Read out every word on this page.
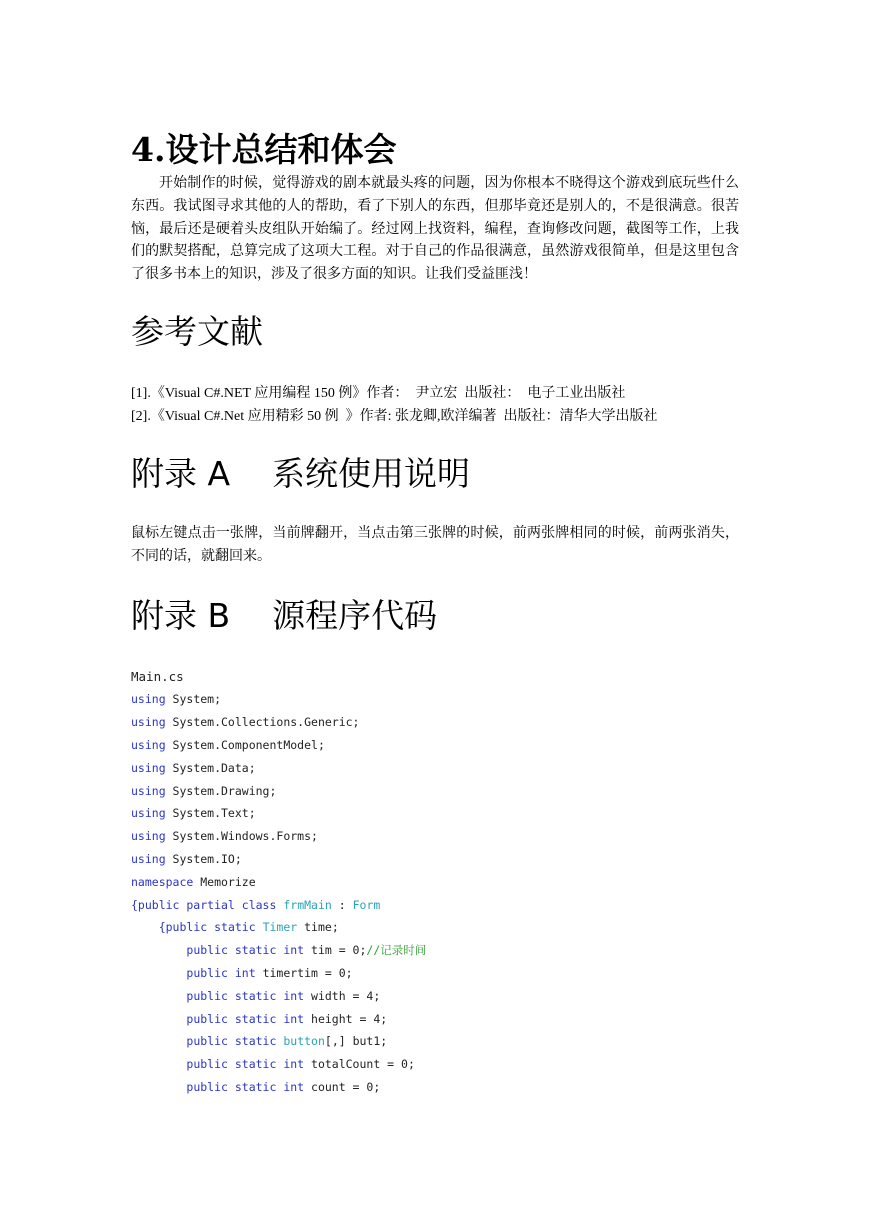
4.设计总结和体会

开始制作的时候，觉得游戏的剧本就最头疼的问题，因为你根本不晓得这个游戏到底玩些什么东西。我试图寻求其他的人的帮助，看了下别人的东西，但那毕竟还是别人的，不是很满意。很苦恼，最后还是硬着头皮组队开始编了。经过网上找资料，编程，查询修改问题，截图等工作，上我们的默契搭配，总算完成了这项大工程。对于自己的作品很满意，虽然游戏很简单，但是这里包含了很多书本上的知识，涉及了很多方面的知识。让我们受益匪浅！

参考文献

[1].《Visual C#.NET 应用编程 150 例》作者：  尹立宏  出版社：  电子工业出版社

[2].《Visual C#.Net 应用精彩 50 例  》作者: 张龙卿,欧洋编著  出版社：清华大学出版社

附录 A    系统使用说明

鼠标左键点击一张牌，当前牌翻开，当点击第三张牌的时候，前两张牌相同的时候，前两张消失，不同的话，就翻回来。

附录 B    源程序代码

Main.cs

using System;

using System.Collections.Generic;

using System.ComponentModel;

using System.Data;

using System.Drawing;

using System.Text;

using System.Windows.Forms;

using System.IO;

namespace Memorize

{public partial class frmMain : Form

{public static Timer time;

public static int tim = 0;//记录时间

public int timertim = 0;

public static int width = 4;

public static int height = 4;

public static button[,] but1;

public static int totalCount = 0;

public static int count = 0;
